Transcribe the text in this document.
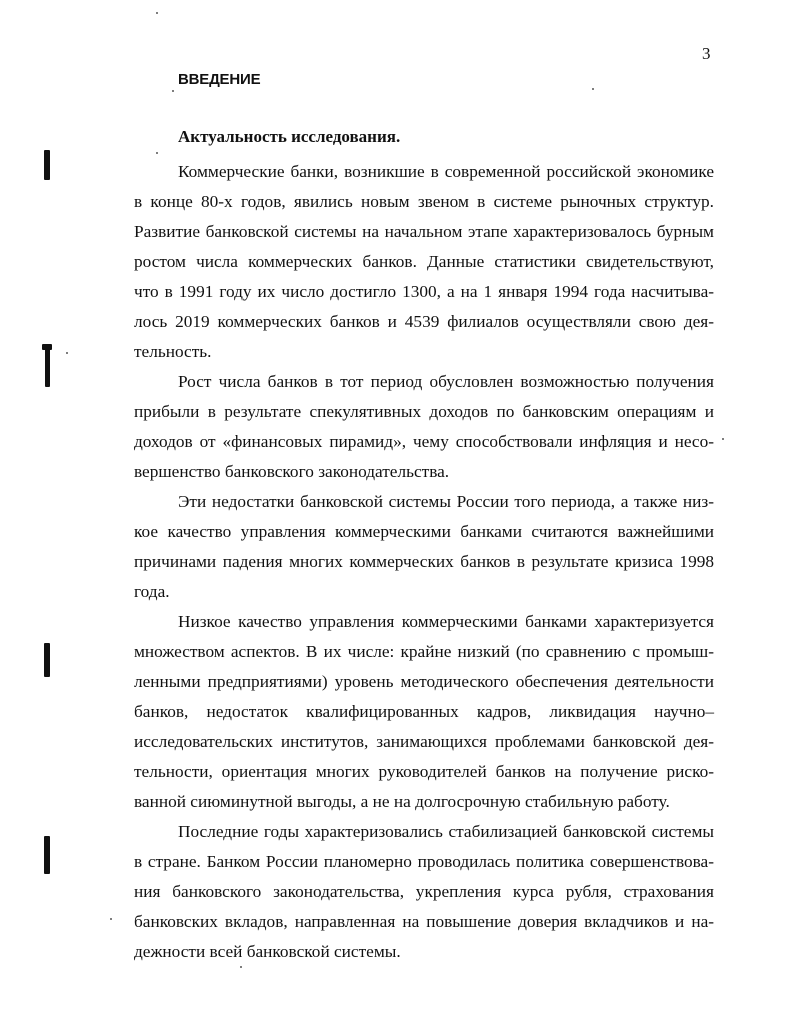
3
ВВЕДЕНИЕ
Актуальность исследования.
Коммерческие банки, возникшие в современной российской экономике
в конце 80-х годов, явились новым звеном в системе рыночных структур.
Развитие банковской системы на начальном этапе характеризовалось бурным
ростом числа коммерческих банков. Данные статистики свидетельствуют,
что в 1991 году их число достигло 1300, а на 1 января 1994 года насчитыва-
лось 2019 коммерческих банков и 4539 филиалов осуществляли свою дея-
тельность.
Рост числа банков в тот период обусловлен возможностью получения
прибыли в результате спекулятивных доходов по банковским операциям и
доходов от «финансовых пирамид», чему способствовали инфляция и несо-
вершенство банковского законодательства.
Эти недостатки банковской системы России того периода, а также низ-
кое качество управления коммерческими банками считаются важнейшими
причинами падения многих коммерческих банков в результате кризиса 1998
года.
Низкое качество управления коммерческими банками характеризуется
множеством аспектов. В их числе: крайне низкий (по сравнению с промыш-
ленными предприятиями) уровень методического обеспечения деятельности
банков, недостаток квалифицированных кадров, ликвидация научно–
исследовательских институтов, занимающихся проблемами банковской дея-
тельности, ориентация многих руководителей банков на получение риско-
ванной сиюминутной выгоды, а не на долгосрочную стабильную работу.
Последние годы характеризовались стабилизацией банковской системы
в стране. Банком России планомерно проводилась политика совершенствова-
ния банковского законодательства, укрепления курса рубля, страхования
банковских вкладов, направленная на повышение доверия вкладчиков и на-
дежности всей банковской системы.
